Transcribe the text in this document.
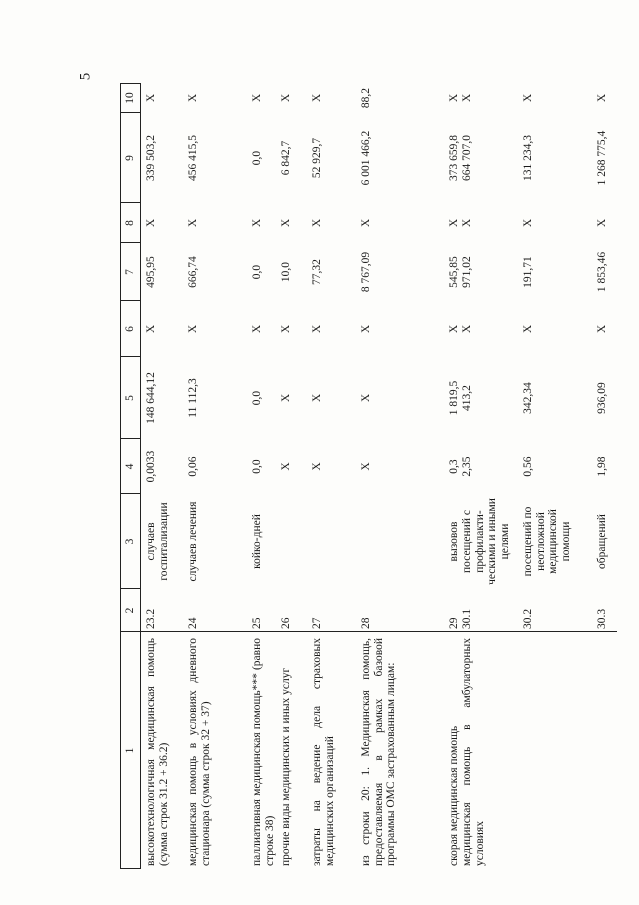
5
1
2
3
4
5
6
7
8
9
10
высокотехнологичная медицинская помощь (сумма строк 31.2 + 36.2)
23.2
случаев госпитализации
0,0033
148 644,12
X
495,95
X
339 503,2
X
медицинская помощь в условиях дневного стационара (сумма строк 32 + 37)
24
случаев лечения
0,06
11 112,3
X
666,74
X
456 415,5
X
паллиативная медицинская помощь*** (равно строке 38)
25
койко-дней
0,0
0,0
X
0,0
X
0,0
X
прочие виды медицинских и иных услуг
26
X
X
X
10,0
X
6 842,7
X
затраты на ведение дела страховых медицинских организаций
27
X
X
X
77,32
X
52 929,7
X
из строки 20: 1. Медицинская помощь, предоставляемая в рамках базовой программы ОМС застрахованным лицам:
28
X
X
X
8 767,09
X
6 001 466,2
88,2
скорая медицинская помощь
29
вызовов
0,3
1 819,5
X
545,85
X
373 659,8
X
медицинская помощь в амбулаторных условиях
30.1
посещений с профилакти-ческими и иными целями
2,35
413,2
X
971,02
X
664 707,0
X
30.2
посещений по неотложной медицинской помощи
0,56
342,34
X
191,71
X
131 234,3
X
30.3
обращений
1,98
936,09
X
1 853,46
X
1 268 775,4
X
